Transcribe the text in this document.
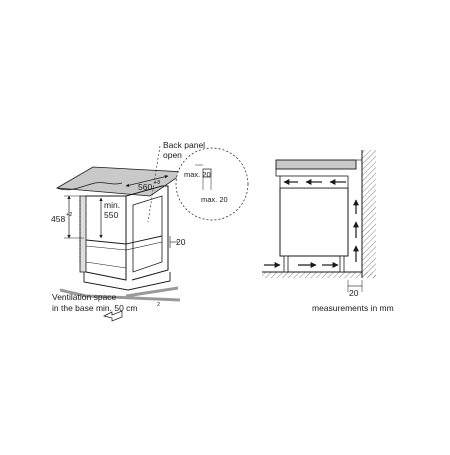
458 +2
min.
550
560 +8
Back panel
open
20
Ventilation space
in the base min. 50 cm	2
max. 20
max. 20
20
measurements in mm
